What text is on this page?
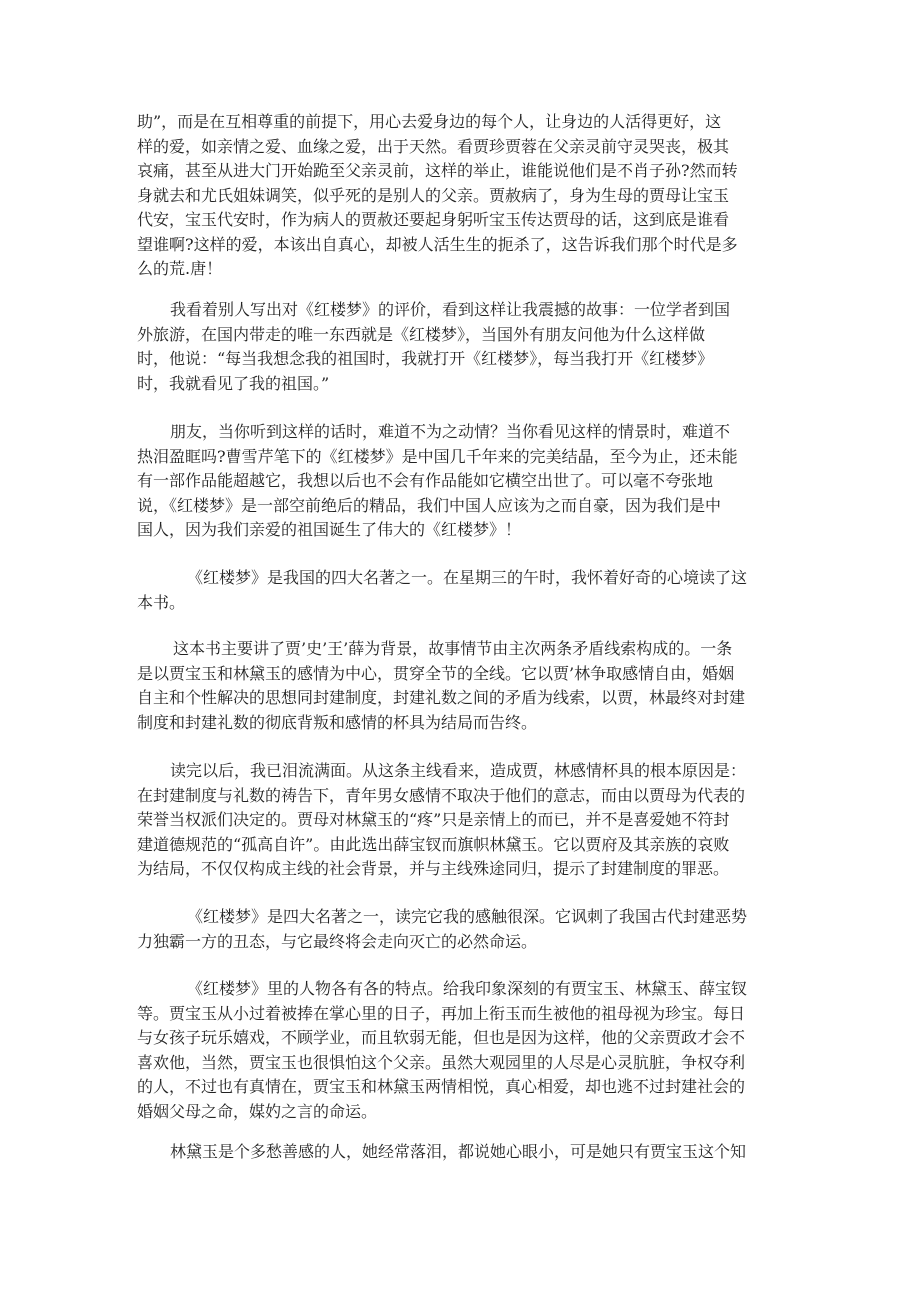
助”，而是在互相尊重的前提下，用心去爱身边的每个人，让身边的人活得更好，这
样的爱，如亲情之爱、血缘之爱，出于天然。看贾珍贾蓉在父亲灵前守灵哭丧，极其
哀痛，甚至从进大门开始跪至父亲灵前，这样的举止，谁能说他们是不肖子孙?然而转
身就去和尤氏姐妹调笑，似乎死的是别人的父亲。贾赦病了，身为生母的贾母让宝玉
代安，宝玉代安时，作为病人的贾赦还要起身躬听宝玉传达贾母的话，这到底是谁看
望谁啊?这样的爱，本该出自真心，却被人活生生的扼杀了，这告诉我们那个时代是多
么的荒.唐！
我看着别人写出对《红楼梦》的评价，看到这样让我震撼的故事：一位学者到国
外旅游，在国内带走的唯一东西就是《红楼梦》，当国外有朋友问他为什么这样做
时，他说：“每当我想念我的祖国时，我就打开《红楼梦》，每当我打开《红楼梦》
时，我就看见了我的祖国。”
朋友，当你听到这样的话时，难道不为之动情？当你看见这样的情景时，难道不
热泪盈眶吗?曹雪芹笔下的《红楼梦》是中国几千年来的完美结晶，至今为止，还未能
有一部作品能超越它，我想以后也不会有作品能如它横空出世了。可以毫不夸张地
说，《红楼梦》是一部空前绝后的精品，我们中国人应该为之而自豪，因为我们是中
国人，因为我们亲爱的祖国诞生了伟大的《红楼梦》！
《红楼梦》是我国的四大名著之一。在星期三的午时，我怀着好奇的心境读了这
本书。
这本书主要讲了贾’史’王’薛为背景，故事情节由主次两条矛盾线索构成的。一条
是以贾宝玉和林黛玉的感情为中心，贯穿全节的全线。它以贾’林争取感情自由，婚姻
自主和个性解决的思想同封建制度，封建礼数之间的矛盾为线索，以贾，林最终对封建
制度和封建礼数的彻底背叛和感情的杯具为结局而告终。
读完以后，我已泪流满面。从这条主线看来，造成贾，林感情杯具的根本原因是：
在封建制度与礼数的祷告下，青年男女感情不取决于他们的意志，而由以贾母为代表的
荣誉当权派们决定的。贾母对林黛玉的“疼”只是亲情上的而已，并不是喜爱她不符封
建道德规范的“孤高自许”。由此选出薛宝钗而旗帜林黛玉。它以贾府及其亲族的哀败
为结局，不仅仅构成主线的社会背景，并与主线殊途同归，提示了封建制度的罪恶。
《红楼梦》是四大名著之一，读完它我的感触很深。它讽刺了我国古代封建恶势
力独霸一方的丑态，与它最终将会走向灭亡的必然命运。
《红楼梦》里的人物各有各的特点。给我印象深刻的有贾宝玉、林黛玉、薛宝钗
等。贾宝玉从小过着被捧在掌心里的日子，再加上衔玉而生被他的祖母视为珍宝。每日
与女孩子玩乐嬉戏，不顾学业，而且软弱无能，但也是因为这样，他的父亲贾政才会不
喜欢他，当然，贾宝玉也很惧怕这个父亲。虽然大观园里的人尽是心灵肮脏，争权夺利
的人，不过也有真情在，贾宝玉和林黛玉两情相悦，真心相爱，却也逃不过封建社会的
婚姻父母之命，媒妁之言的命运。
林黛玉是个多愁善感的人，她经常落泪，都说她心眼小，可是她只有贾宝玉这个知
